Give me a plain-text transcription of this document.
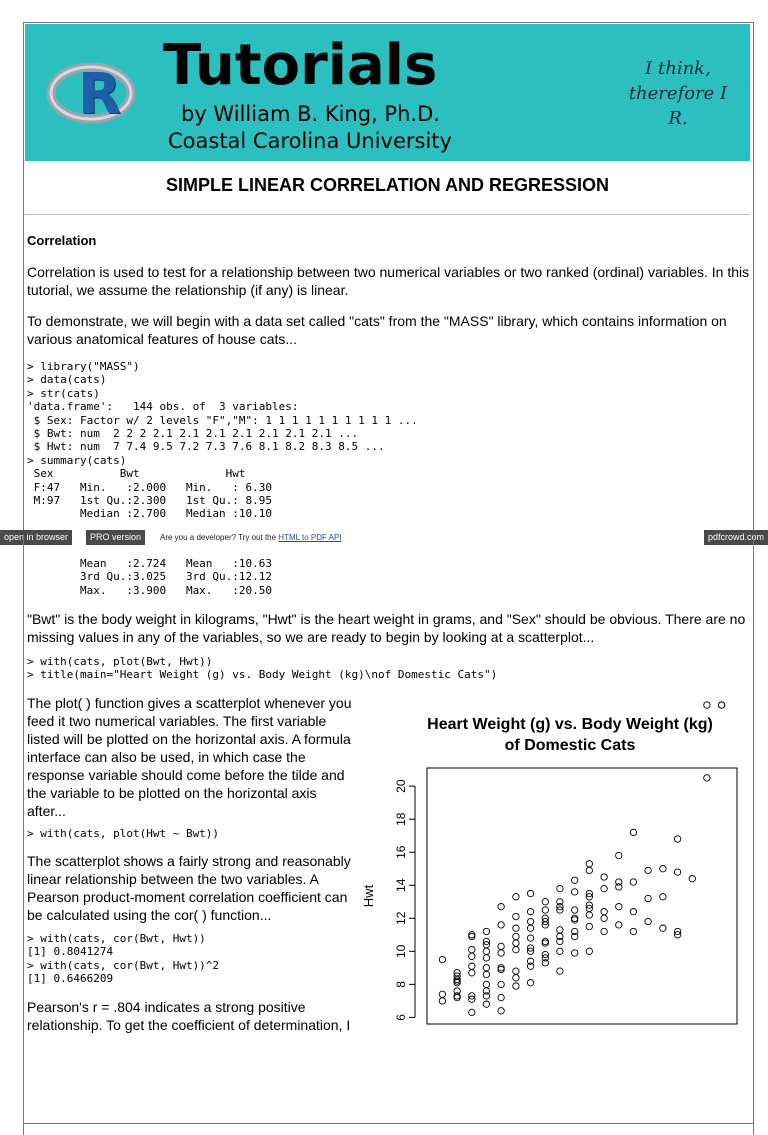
R Tutorials
by William B. King, Ph.D.
Coastal Carolina University
I think,
therefore I
R.
SIMPLE LINEAR CORRELATION AND REGRESSION
Correlation
Correlation is used to test for a relationship between two numerical variables or two ranked (ordinal) variables. In this
tutorial, we assume the relationship (if any) is linear.
To demonstrate, we will begin with a data set called "cats" from the "MASS" library, which contains information on
various anatomical features of house cats...
> library("MASS")
> data(cats)
> str(cats)
'data.frame':   144 obs. of  3 variables:
$ Sex: Factor w/ 2 levels "F","M": 1 1 1 1 1 1 1 1 1 1 ...
$ Bwt: num  2 2 2 2.1 2.1 2.1 2.1 2.1 2.1 2.1 ...
$ Hwt: num  7 7.4 9.5 7.2 7.3 7.6 8.1 8.2 8.3 8.5 ...
> summary(cats)
Sex          Bwt             Hwt
F:47   Min.   :2.000   Min.   : 6.30
M:97   1st Qu.:2.300   1st Qu.: 8.95
Median :2.700   Median :10.10
open in browser	PRO version	Are you a developer? Try out the HTML to PDF API	pdfcrowd.com
Mean   :2.724   Mean   :10.63
3rd Qu.:3.025   3rd Qu.:12.12
Max.   :3.900   Max.   :20.50
"Bwt" is the body weight in kilograms, "Hwt" is the heart weight in grams, and "Sex" should be obvious. There are no
missing values in any of the variables, so we are ready to begin by looking at a scatterplot...
> with(cats, plot(Bwt, Hwt))
> title(main="Heart Weight (g) vs. Body Weight (kg)\nof Domestic Cats")
The plot( ) function gives a scatterplot whenever you
feed it two numerical variables. The first variable
listed will be plotted on the horizontal axis. A formula
interface can also be used, in which case the
response variable should come before the tilde and
the variable to be plotted on the horizontal axis
after...
> with(cats, plot(Hwt ~ Bwt))
The scatterplot shows a fairly strong and reasonably
linear relationship between the two variables. A
Pearson product-moment correlation coefficient can
be calculated using the cor( ) function...
> with(cats, cor(Bwt, Hwt))
[1] 0.8041274
> with(cats, cor(Bwt, Hwt))^2
[1] 0.6466209
Pearson's r = .804 indicates a strong positive
relationship. To get the coefficient of determination, I
Heart Weight (g) vs. Body Weight (kg)
of Domestic Cats
Hwt
6
8
10
12
14
16
18
20
